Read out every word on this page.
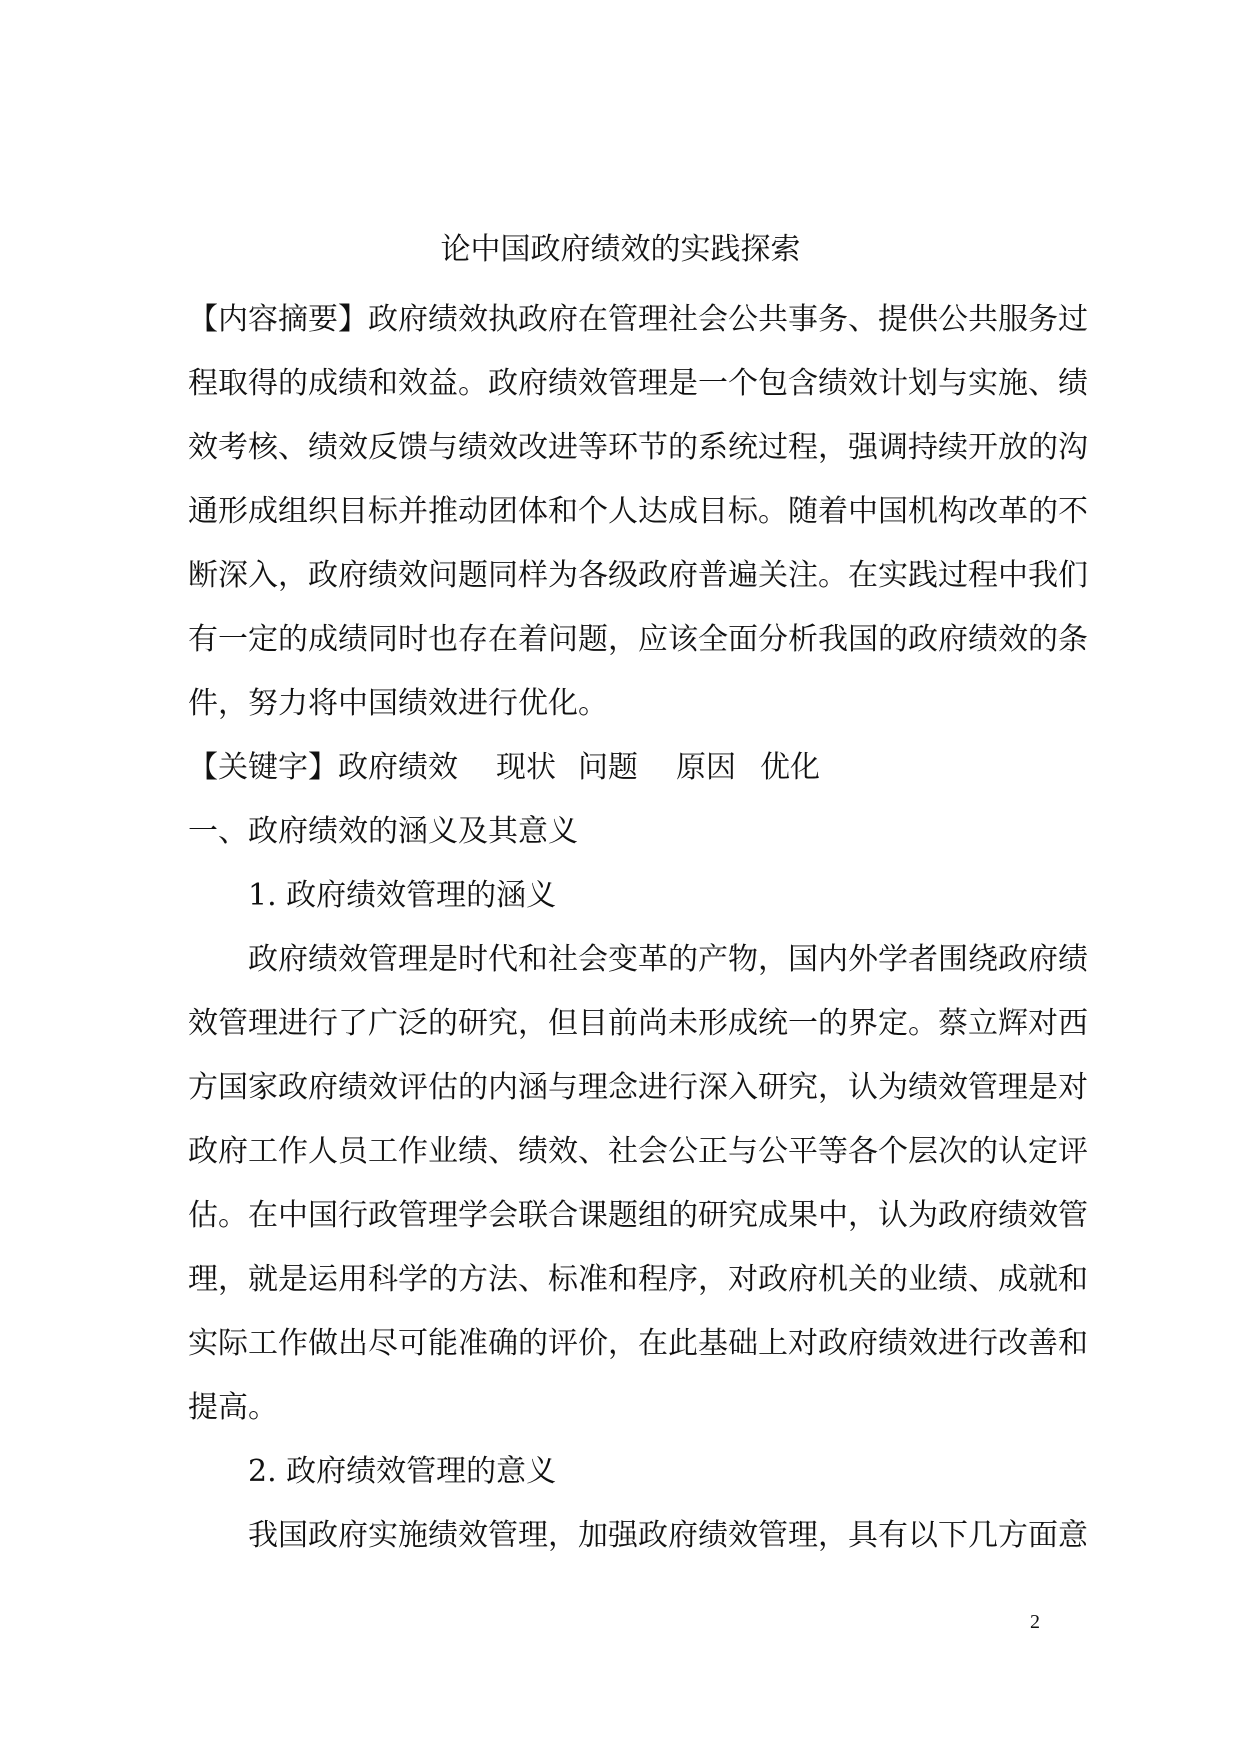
论中国政府绩效的实践探索
【内容摘要】政府绩效执政府在管理社会公共事务、提供公共服务过
程取得的成绩和效益。政府绩效管理是一个包含绩效计划与实施、绩
效考核、绩效反馈与绩效改进等环节的系统过程，强调持续开放的沟
通形成组织目标并推动团体和个人达成目标。随着中国机构改革的不
断深入，政府绩效问题同样为各级政府普遍关注。在实践过程中我们
有一定的成绩同时也存在着问题，应该全面分析我国的政府绩效的条
件，努力将中国绩效进行优化。
【关键字】政府绩效 现状 问题 原因 优化
一、政府绩效的涵义及其意义
1. 政府绩效管理的涵义
政府绩效管理是时代和社会变革的产物，国内外学者围绕政府绩
效管理进行了广泛的研究，但目前尚未形成统一的界定。蔡立辉对西
方国家政府绩效评估的内涵与理念进行深入研究，认为绩效管理是对
政府工作人员工作业绩、绩效、社会公正与公平等各个层次的认定评
估。在中国行政管理学会联合课题组的研究成果中，认为政府绩效管
理，就是运用科学的方法、标准和程序，对政府机关的业绩、成就和
实际工作做出尽可能准确的评价，在此基础上对政府绩效进行改善和
提高。
2. 政府绩效管理的意义
我国政府实施绩效管理，加强政府绩效管理，具有以下几方面意
2
